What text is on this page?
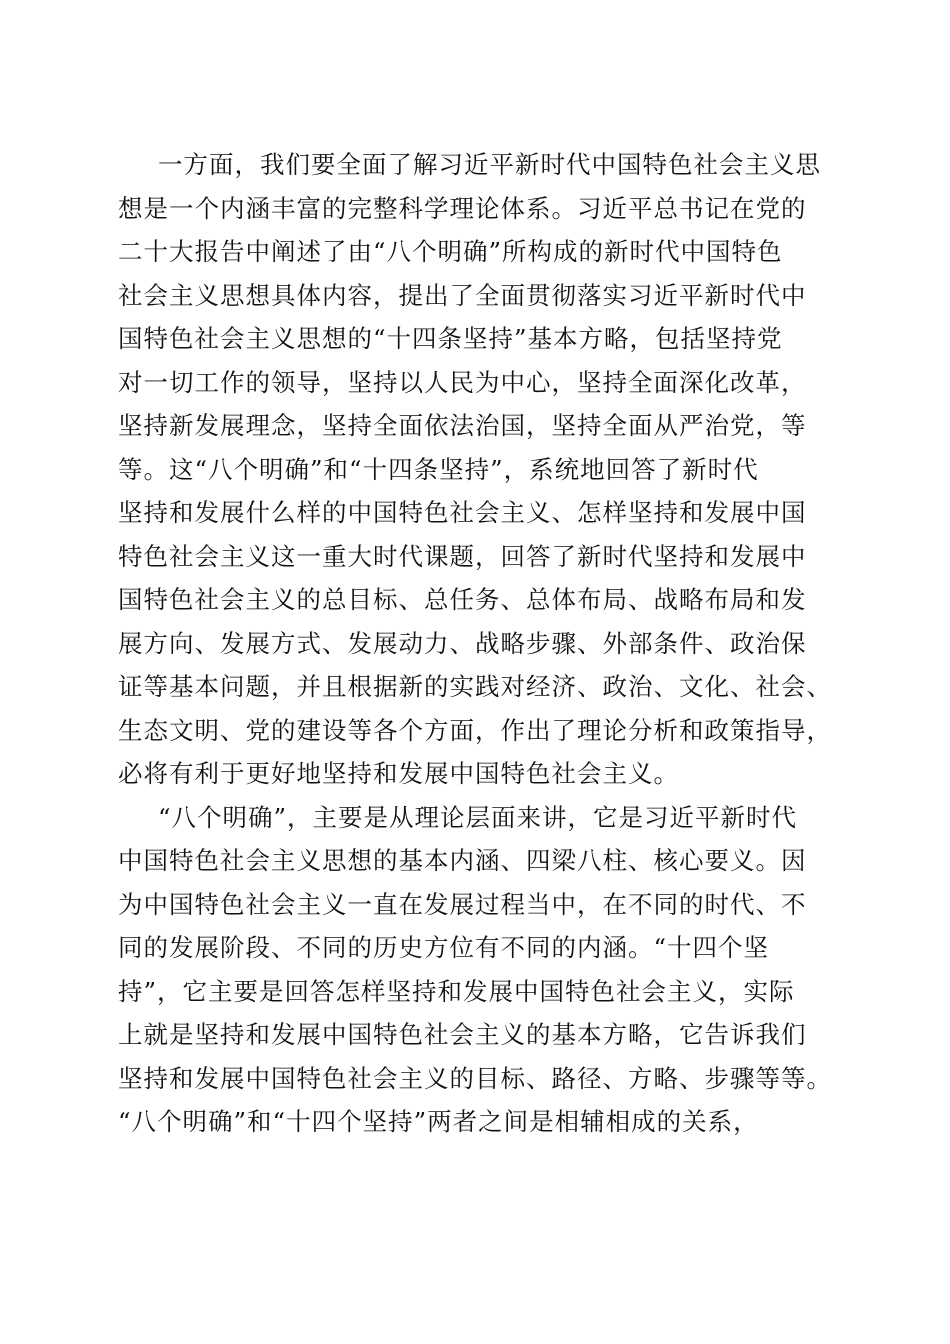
一方面，我们要全面了解习近平新时代中国特色社会主义思
想是一个内涵丰富的完整科学理论体系。习近平总书记在党的
二十大报告中阐述了由“八个明确”所构成的新时代中国特色
社会主义思想具体内容，提出了全面贯彻落实习近平新时代中
国特色社会主义思想的“十四条坚持”基本方略，包括坚持党
对一切工作的领导，坚持以人民为中心，坚持全面深化改革，
坚持新发展理念，坚持全面依法治国，坚持全面从严治党，等
等。这“八个明确”和“十四条坚持”，系统地回答了新时代
坚持和发展什么样的中国特色社会主义、怎样坚持和发展中国
特色社会主义这一重大时代课题，回答了新时代坚持和发展中
国特色社会主义的总目标、总任务、总体布局、战略布局和发
展方向、发展方式、发展动力、战略步骤、外部条件、政治保
证等基本问题，并且根据新的实践对经济、政治、文化、社会、
生态文明、党的建设等各个方面，作出了理论分析和政策指导，
必将有利于更好地坚持和发展中国特色社会主义。
“八个明确”，主要是从理论层面来讲，它是习近平新时代
中国特色社会主义思想的基本内涵、四梁八柱、核心要义。因
为中国特色社会主义一直在发展过程当中，在不同的时代、不
同的发展阶段、不同的历史方位有不同的内涵。“十四个坚
持”，它主要是回答怎样坚持和发展中国特色社会主义，实际
上就是坚持和发展中国特色社会主义的基本方略，它告诉我们
坚持和发展中国特色社会主义的目标、路径、方略、步骤等等。
“八个明确”和“十四个坚持”两者之间是相辅相成的关系，
